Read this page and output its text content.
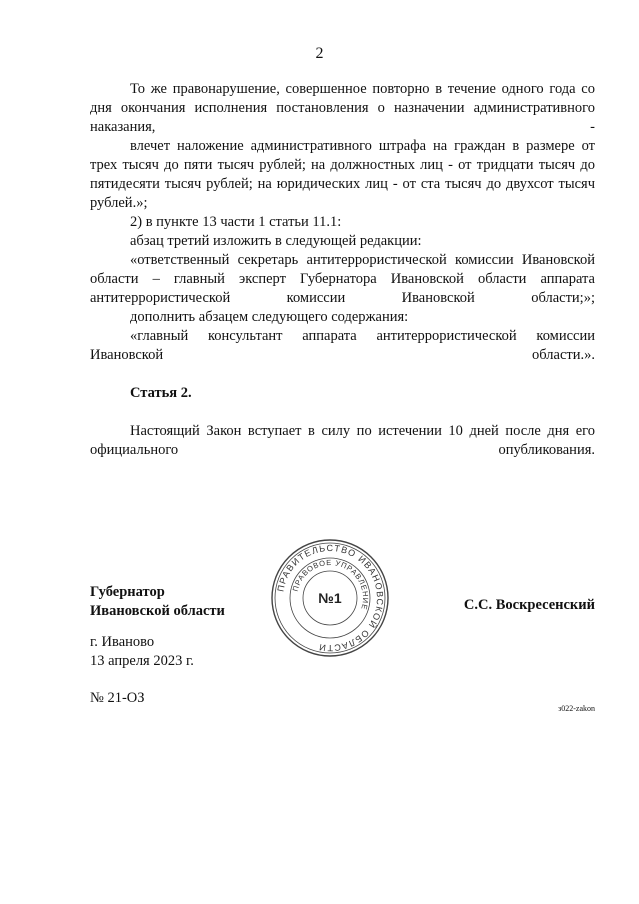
2

То же правонарушение, совершенное повторно в течение одного года со дня окончания исполнения постановления о назначении административного наказания, -

влечет наложение административного штрафа на граждан в размере от трех тысяч до пяти тысяч рублей; на должностных лиц - от тридцати тысяч до пятидесяти тысяч рублей; на юридических лиц - от ста тысяч до двухсот тысяч рублей.»;

2) в пункте 13 части 1 статьи 11.1:

абзац третий изложить в следующей редакции:

«ответственный секретарь антитеррористической комиссии Ивановской области – главный эксперт Губернатора Ивановской области аппарата антитеррористической комиссии Ивановской области;»;

дополнить абзацем следующего содержания:

«главный консультант аппарата антитеррористической комиссии Ивановской области.».

Статья 2.

Настоящий Закон вступает в силу по истечении 10 дней после дня его официального опубликования.

ПРАВИТЕЛЬСТВО ИВАНОВСКОЙ ОБЛАСТИ
ПРАВОВОЕ УПРАВЛЕНИЕ
№1
Губернатор
Ивановской области	С.С. Воскресенский
г. Иваново
13 апреля 2023 г.
№ 21-ОЗ
з022-zakon
